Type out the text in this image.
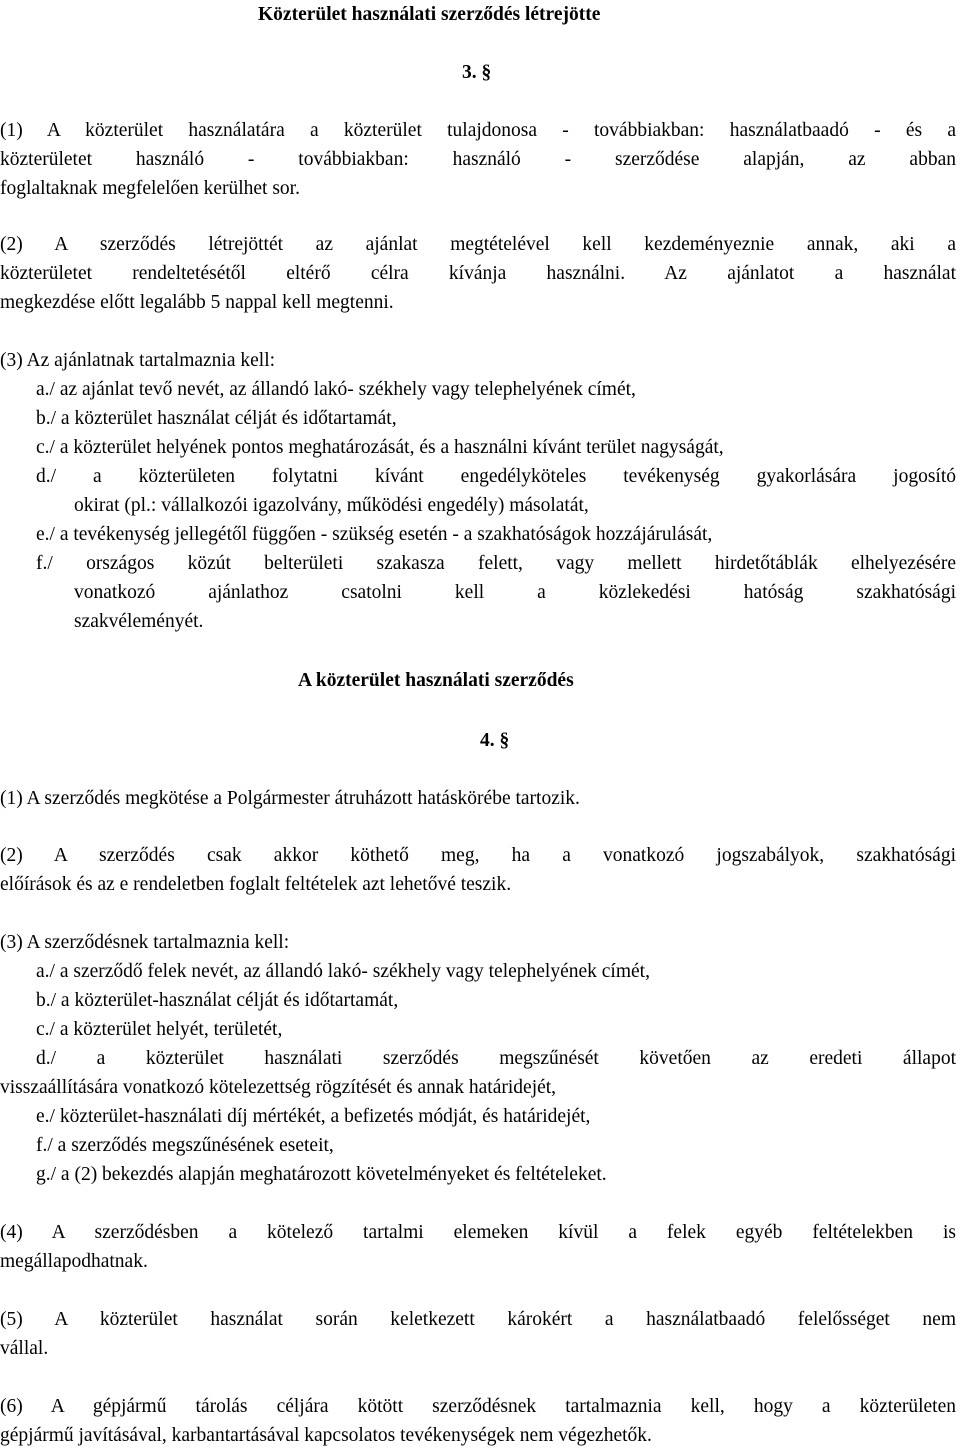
Közterület használati szerződés létrejötte
3. §
(1) A közterület használatára a közterület tulajdonosa - továbbiakban: használatbaadó - és a
közterületet használó - továbbiakban: használó - szerződése alapján, az abban
foglaltaknak megfelelően kerülhet sor.
(2) A szerződés létrejöttét az ajánlat megtételével kell kezdeményeznie annak, aki a
közterületet rendeltetésétől eltérő célra kívánja használni. Az ajánlatot a használat
megkezdése előtt legalább 5 nappal kell megtenni.
(3) Az ajánlatnak tartalmaznia kell:
a./ az ajánlat tevő nevét, az állandó lakó- székhely vagy telephelyének címét,
b./ a közterület használat célját és időtartamát,
c./ a közterület helyének pontos meghatározását, és a használni kívánt terület nagyságát,
d./ a közterületen folytatni kívánt engedélyköteles tevékenység gyakorlására jogosító
okirat (pl.: vállalkozói igazolvány, működési engedély) másolatát,
e./ a tevékenység jellegétől függően - szükség esetén - a szakhatóságok hozzájárulását,
f./ országos közút belterületi szakasza felett, vagy mellett hirdetőtáblák elhelyezésére
vonatkozó ajánlathoz csatolni kell a közlekedési hatóság szakhatósági
szakvéleményét.
A közterület használati szerződés
4. §
(1) A szerződés megkötése a Polgármester átruházott hatáskörébe tartozik.
(2) A szerződés csak akkor köthető meg, ha a vonatkozó jogszabályok, szakhatósági
előírások és az e rendeletben foglalt feltételek azt lehetővé teszik.
(3) A szerződésnek tartalmaznia kell:
a./ a szerződő felek nevét, az állandó lakó- székhely vagy telephelyének címét,
b./ a közterület-használat célját és időtartamát,
c./ a közterület helyét, területét,
d./ a közterület használati szerződés megszűnését követően az eredeti állapot
visszaállítására vonatkozó kötelezettség rögzítését és annak határidejét,
e./ közterület-használati díj mértékét, a befizetés módját, és határidejét,
f./ a szerződés megszűnésének eseteit,
g./ a (2) bekezdés alapján meghatározott követelményeket és feltételeket.
(4) A szerződésben a kötelező tartalmi elemeken kívül a felek egyéb feltételekben is
megállapodhatnak.
(5) A közterület használat során keletkezett károkért a használatbaadó felelősséget nem
vállal.
(6) A gépjármű tárolás céljára kötött szerződésnek tartalmaznia kell, hogy a közterületen
gépjármű javításával, karbantartásával kapcsolatos tevékenységek nem végezhetők.
